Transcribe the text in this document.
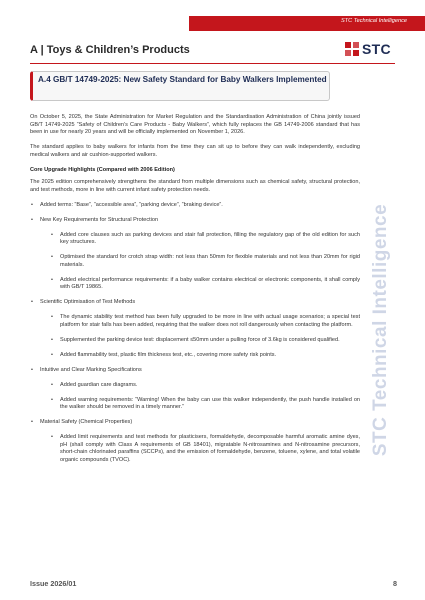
STC Technical Intelligence
A | Toys & Children’s Products	STC
A.4 GB/T 14749-2025: New Safety Standard for Baby Walkers Implemented
STC Technical Intelligence

On October 5, 2025, the State Administration for Market Regulation and the Standardisation Administration of China jointly issued GB/T 14749-2025 “Safety of Children’s Care Products - Baby Walkers”, which fully replaces the GB 14749-2006 standard that has been in use for nearly 20 years and will be officially implemented on November 1, 2026.

The standard applies to baby walkers for infants from the time they can sit up to before they can walk independently, excluding medical walkers and air cushion-supported walkers.

Core Upgrade Highlights (Compared with 2006 Edition)

The 2025 edition comprehensively strengthens the standard from multiple dimensions such as chemical safety, structural protection, and test methods, more in line with current infant safety protection needs.

• Added terms: “Base”, “accessible area”, “parking device”, “braking device”.
• New Key Requirements for Structural Protection
• Added core clauses such as parking devices and stair fall protection, filling the regulatory gap of the old edition for such key structures.
• Optimised the standard for crotch strap width: not less than 50mm for flexible materials and not less than 20mm for rigid materials.
• Added electrical performance requirements: if a baby walker contains electrical or electronic components, it shall comply with GB/T 19865.
• Scientific Optimisation of Test Methods
• The dynamic stability test method has been fully upgraded to be more in line with actual usage scenarios; a special test platform for stair falls has been added, requiring that the walker does not roll dangerously when contacting the platform.
• Supplemented the parking device test: displacement ≤50mm under a pulling force of 3.6kg is considered qualified.
• Added flammability test, plastic film thickness test, etc., covering more safety risk points.
• Intuitive and Clear Marking Specifications
• Added guardian care diagrams.
• Added warning requirements: “Warning! When the baby can use this walker independently, the push handle installed on the walker should be removed in a timely manner.”
• Material Safety (Chemical Properties)
• Added limit requirements and test methods for plasticisers, formaldehyde, decomposable harmful aromatic amine dyes, pH (shall comply with Class A requirements of GB 18401), migratable N-nitrosamines and N-nitrosamine precursors, short-chain chlorinated paraffins (SCCPs), and the emission of formaldehyde, benzene, toluene, xylene, and total volatile organic compounds (TVOC).
Issue 2026/01	8
